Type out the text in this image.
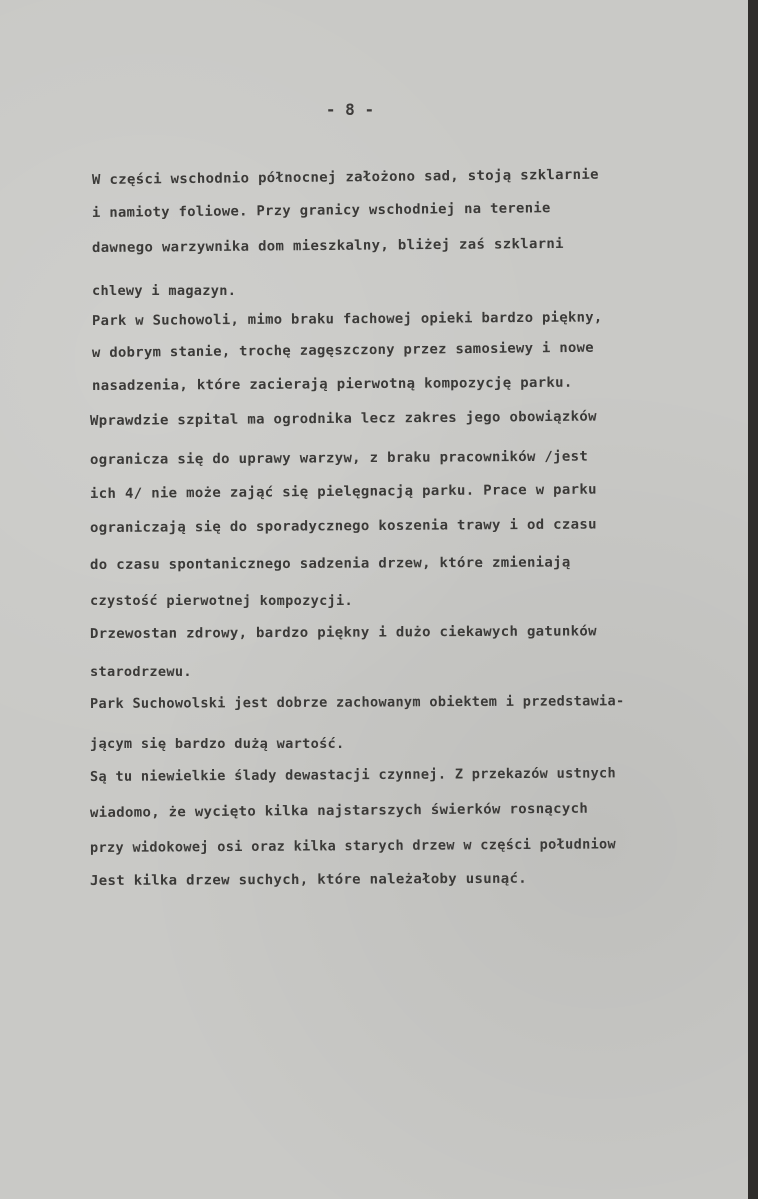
- 8 -
W części wschodnio północnej założono sad, stoją szklarnie
i namioty foliowe. Przy granicy wschodniej na terenie
dawnego warzywnika dom mieszkalny, bliżej zaś szklarni
chlewy i magazyn.
Park w Suchowoli, mimo braku fachowej opieki bardzo piękny,
w dobrym stanie, trochę zagęszczony przez samosiewy i nowe
nasadzenia, które zacierają pierwotną kompozycję parku.
Wprawdzie szpital ma ogrodnika lecz zakres jego obowiązków
ogranicza się do uprawy warzyw, z braku pracowników /jest
ich 4/ nie może zająć się pielęgnacją parku. Prace w parku
ograniczają się do sporadycznego koszenia trawy i od czasu
do czasu spontanicznego sadzenia drzew, które zmieniają
czystość pierwotnej kompozycji.
Drzewostan zdrowy, bardzo piękny i dużo ciekawych gatunków
starodrzewu.
Park Suchowolski jest dobrze zachowanym obiektem i przedstawia-
jącym się bardzo dużą wartość.
Są tu niewielkie ślady dewastacji czynnej. Z przekazów ustnych
wiadomo, że wycięto kilka najstarszych świerków rosnących
przy widokowej osi oraz kilka starych drzew w części południow
Jest kilka drzew suchych, które należałoby usunąć.
